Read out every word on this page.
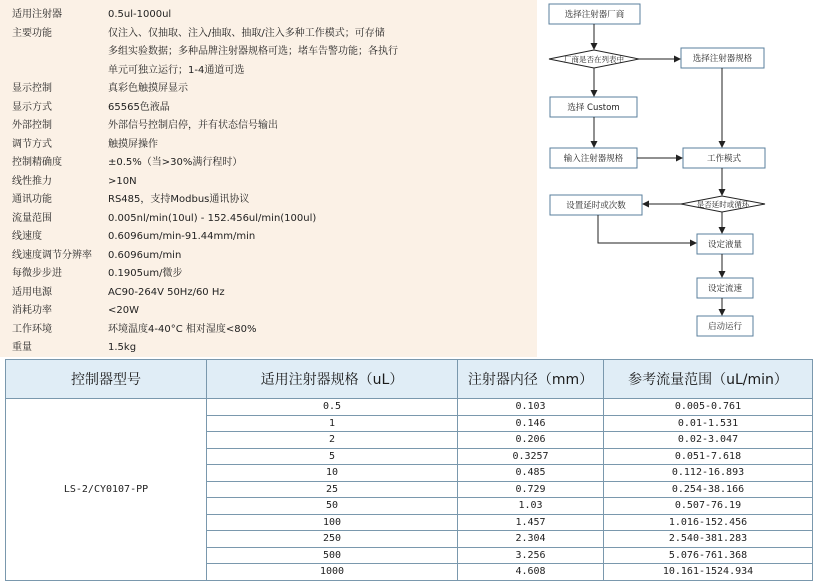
适用注射器	0.5ul-1000ul
主要功能	仅注入、仅抽取、注入/抽取、抽取/注入多种工作模式；可存储
多组实验数据；多种品牌注射器规格可选；堵车告警功能；各执行
单元可独立运行；1-4通道可选
显示控制	真彩色触摸屏显示
显示方式	65565色液晶
外部控制	外部信号控制启停，并有状态信号输出
调节方式	触摸屏操作
控制精确度	±0.5%（当>30%满行程时）
线性推力	>10N
通讯功能	RS485，支持Modbus通讯协议
流量范围	0.005nl/min(10ul) - 152.456ul/min(100ul)
线速度	0.6096um/min-91.44mm/min
线速度调节分辨率	0.6096um/min
每微步步进	0.1905um/微步
适用电源	AC90-264V 50Hz/60 Hz
消耗功率	<20W
工作环境	环境温度4-40°C 相对湿度<80%
重量	1.5kg
选择注射器厂商
厂商是否在列表中	选择注射器规格
选择 Custom
输入注射器规格	工作模式
设置延时或次数	是否延时或循环
设定液量
设定流速
启动运行
控制器型号	适用注射器规格（uL）	注射器内径（mm）	参考流量范围（uL/min）
LS-2/CY0107-PP	0.5	0.103	0.005-0.761
	1	0.146	0.01-1.531
	2	0.206	0.02-3.047
	5	0.3257	0.051-7.618
	10	0.485	0.112-16.893
	25	0.729	0.254-38.166
	50	1.03	0.507-76.19
	100	1.457	1.016-152.456
	250	2.304	2.540-381.283
	500	3.256	5.076-761.368
	1000	4.608	10.161-1524.934
